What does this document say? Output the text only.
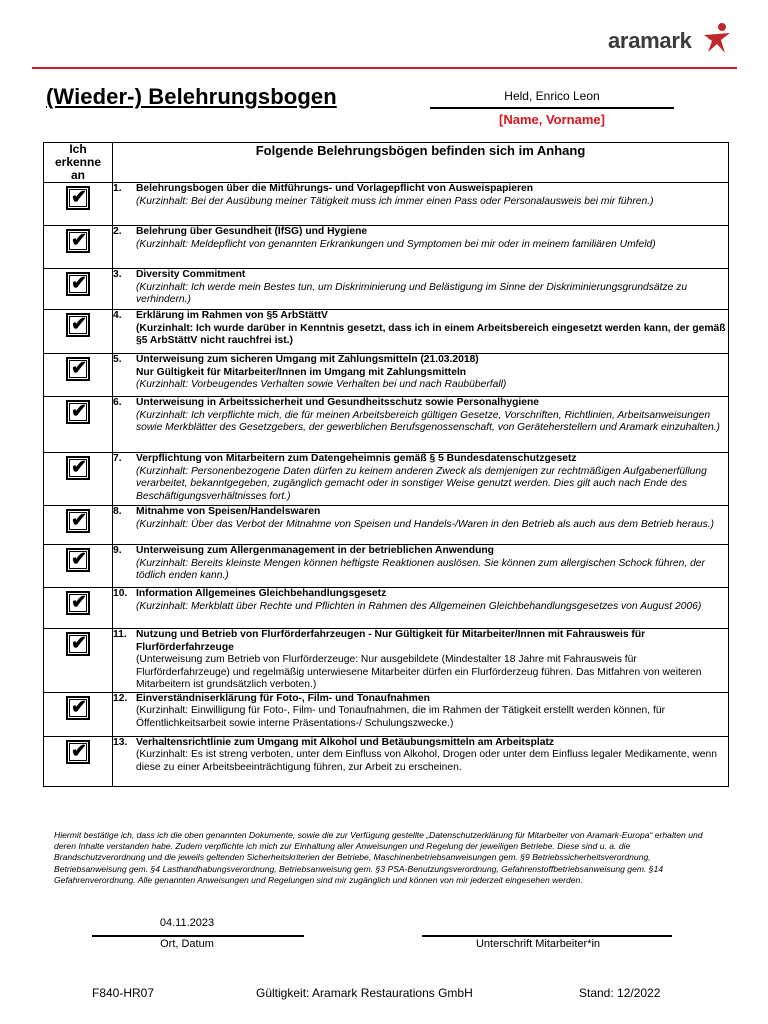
aramark
(Wieder-) Belehrungsbogen	Held, Enrico Leon
[Name, Vorname]
Ich
erkenne
an	Folgende Belehrungsbögen befinden sich im Anhang

✔	1. Belehrungsbogen über die Mitführungs- und Vorlagepflicht von Ausweispapieren
(Kurzinhalt: Bei der Ausübung meiner Tätigkeit muss ich immer einen Pass oder Personalausweis bei mir führen.)

✔	2. Belehrung über Gesundheit (IfSG) und Hygiene
(Kurzinhalt: Meldepflicht von genannten Erkrankungen und Symptomen bei mir oder in meinem familiären Umfeld)

✔	3. Diversity Commitment
(Kurzinhalt: Ich werde mein Bestes tun, um Diskriminierung und Belästigung im Sinne der Diskriminierungsgrundsätze zu verhindern.)

✔	4. Erklärung im Rahmen von §5 ArbStättV
(Kurzinhalt: Ich wurde darüber in Kenntnis gesetzt, dass ich in einem Arbeitsbereich eingesetzt werden kann, der gemäß §5 ArbStättV nicht rauchfrei ist.)

✔	5. Unterweisung zum sicheren Umgang mit Zahlungsmitteln (21.03.2018)
Nur Gültigkeit für Mitarbeiter/Innen im Umgang mit Zahlungsmitteln
(Kurzinhalt: Vorbeugendes Verhalten sowie Verhalten bei und nach Raubüberfall)

✔	6. Unterweisung in Arbeitssicherheit und Gesundheitsschutz sowie Personalhygiene
(Kurzinhalt: Ich verpflichte mich, die für meinen Arbeitsbereich gültigen Gesetze, Vorschriften, Richtlinien, Arbeitsanweisungen sowie Merkblätter des Gesetzgebers, der gewerblichen Berufsgenossenschaft, von Geräteherstellern und Aramark einzuhalten.)

✔	7. Verpflichtung von Mitarbeitern zum Datengeheimnis gemäß § 5 Bundesdatenschutzgesetz
(Kurzinhalt: Personenbezogene Daten dürfen zu keinem anderen Zweck als demjenigen zur rechtmäßigen Aufgabenerfüllung verarbeitet, bekanntgegeben, zugänglich gemacht oder in sonstiger Weise genutzt werden. Dies gilt auch nach Ende des Beschäftigungsverhältnisses fort.)

✔	8. Mitnahme von Speisen/Handelswaren
(Kurzinhalt: Über das Verbot der Mitnahme von Speisen und Handels-/Waren in den Betrieb als auch aus dem Betrieb heraus.)

✔	9. Unterweisung zum Allergenmanagement in der betrieblichen Anwendung
(Kurzinhalt: Bereits kleinste Mengen können heftigste Reaktionen auslösen. Sie können zum allergischen Schock führen, der tödlich enden kann.)

✔	10. Information Allgemeines Gleichbehandlungsgesetz
(Kurzinhalt: Merkblatt über Rechte und Pflichten in Rahmen des Allgemeinen Gleichbehandlungsgesetzes von August 2006)

✔	11. Nutzung und Betrieb von Flurförderfahrzeugen - Nur Gültigkeit für Mitarbeiter/Innen mit Fahrausweis für Flurförderfahrzeuge
(Unterweisung zum Betrieb von Flurförderzeuge: Nur ausgebildete (Mindestalter 18 Jahre mit Fahrausweis für Flurförderfahrzeuge) und regelmäßig unterwiesene Mitarbeiter dürfen ein Flurförderzeug führen. Das Mitfahren von weiteren Mitarbeitern ist grundsätzlich verboten.)

✔	12. Einverständniserklärung für Foto-, Film- und Tonaufnahmen
(Kurzinhalt: Einwilligung für Foto-, Film- und Tonaufnahmen, die im Rahmen der Tätigkeit erstellt werden können, für Öffentlichkeitsarbeit sowie interne Präsentations-/ Schulungszwecke.)

✔	13. Verhaltensrichtlinie zum Umgang mit Alkohol und Betäubungsmitteln am Arbeitsplatz
(Kurzinhalt: Es ist streng verboten, unter dem Einfluss von Alkohol, Drogen oder unter dem Einfluss legaler Medikamente, wenn diese zu einer Arbeitsbeeinträchtigung führen, zur Arbeit zu erscheinen.
Hiermit bestätige ich, dass ich die oben genannten Dokumente, sowie die zur Verfügung gestellte „Datenschutzerklärung für Mitarbeiter von Aramark-Europa“ erhalten und deren Inhalte verstanden habe. Zudem verpflichte ich mich zur Einhaltung aller Anweisungen und Regelung der jeweiligen Betriebe. Diese sind u. a. die Brandschutzverordnung und die jeweils geltenden Sicherheitskriterien der Betriebe, Maschinenbetriebsanweisungen gem. §9 Betriebssicherheitsverordnung, Betriebsanweisung gem. §4 Lasthandhabungsverordnung, Betriebsanweisung gem. §3 PSA-Benutzungsverordnung, Gefahrenstoffbetriebsanweisung gem. §14 Gefahrenverordnung. Alle genannten Anweisungen und Regelungen sind mir zugänglich und können von mir jederzeit eingesehen werden.
04.11.2023
Ort, Datum	Unterschrift Mitarbeiter*in
F840-HR07	Gültigkeit: Aramark Restaurations GmbH	Stand: 12/2022
